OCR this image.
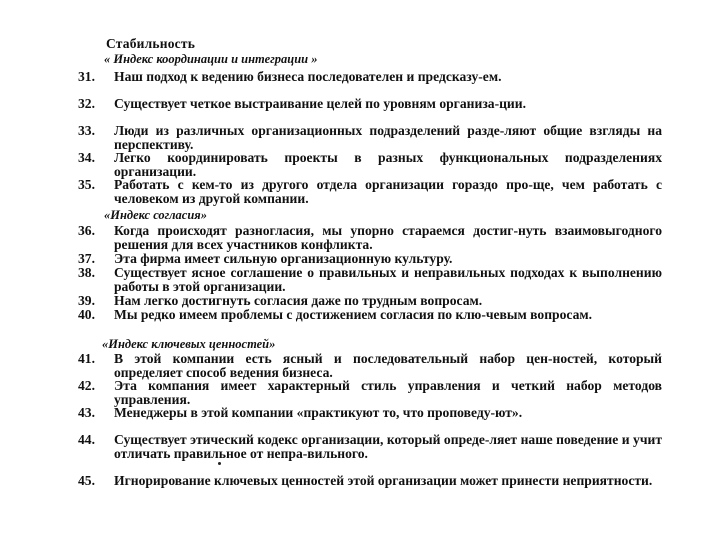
Стабильность
« Индекс координации и интеграции »
31.	Наш подход к ведению бизнеса последователен и предсказу-ем.
32.	Существует четкое выстраивание целей по уровням организа-ции.
33.	Люди из различных организационных подразделений разде-ляют общие взгляды на перспективу.
34.	Легко координировать проекты в разных функциональных подразделениях организации.
35.	Работать с кем-то из другого отдела организации гораздо про-ще, чем работать с человеком из другой компании.
«Индекс согласия»
36.	Когда происходят разногласия, мы упорно стараемся достиг-нуть взаимовыгодного решения для всех участников конфликта.
37.	Эта фирма имеет сильную организационную культуру.
38.	Существует ясное соглашение о правильных и неправильных подходах к выполнению работы в этой организации.
39.	Нам легко достигнуть согласия даже по трудным вопросам.
40.	Мы редко имеем проблемы с достижением согласия по клю-чевым вопросам.
«Индекс ключевых ценностей»
41.	В этой компании есть ясный и последовательный набор цен-ностей, который определяет способ ведения бизнеса.
42.	Эта компания имеет характерный стиль управления и четкий набор методов управления.
43.	Менеджеры в этой компании «практикуют то, что проповеду-ют».
44.	Существует этический кодекс организации, который опреде-ляет наше поведение и учит отличать правильное от непра-вильного.
45.	Игнорирование ключевых ценностей этой организации может принести неприятности.
